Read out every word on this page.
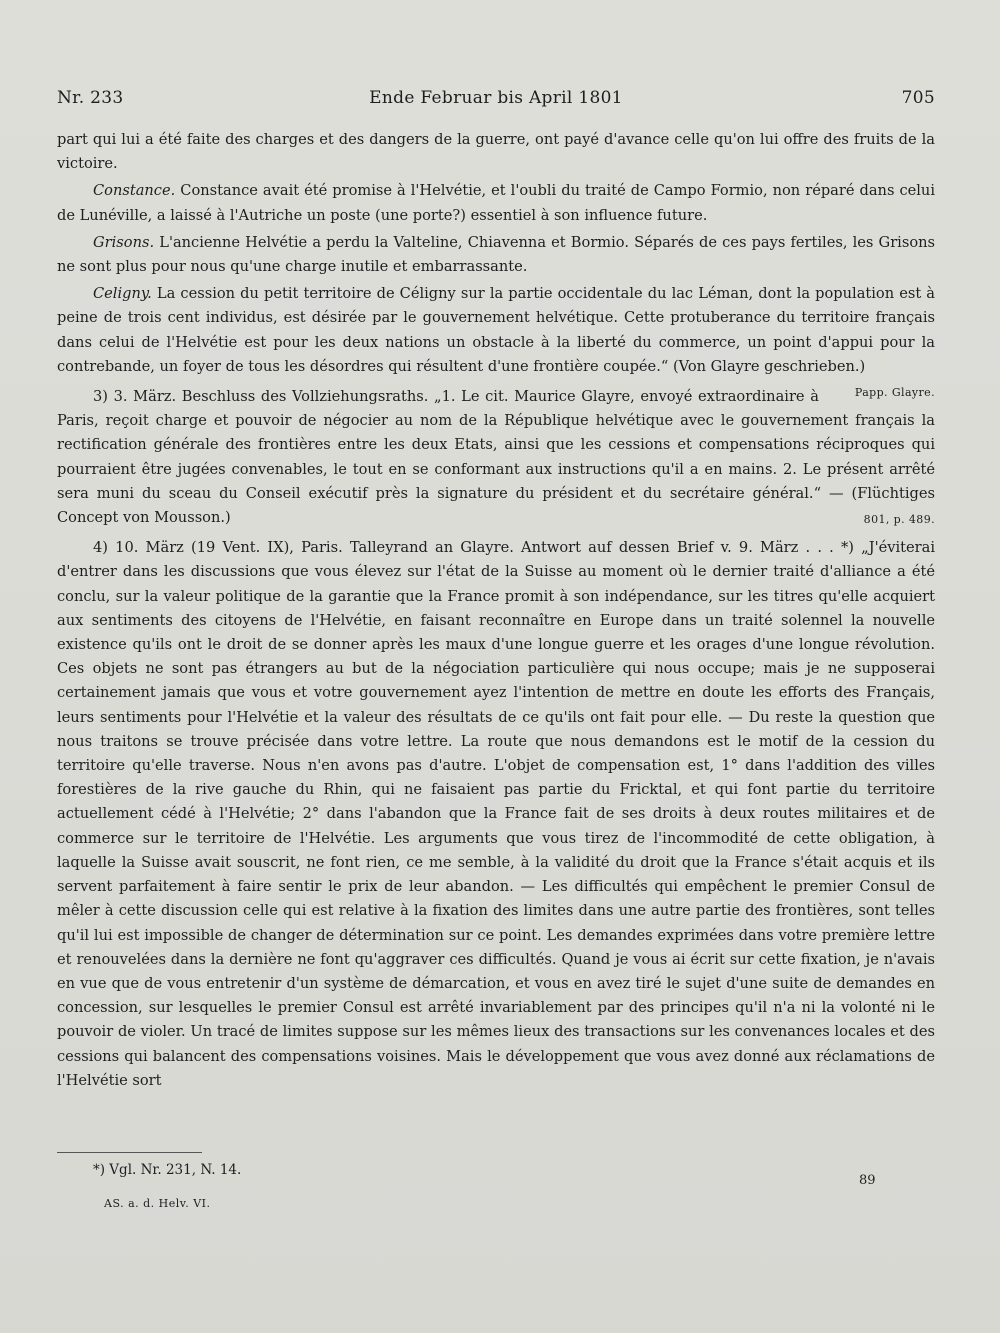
Nr. 233	Ende Februar bis April 1801	705

part qui lui a été faite des charges et des dangers de la guerre, ont payé d'avance celle qu'on lui offre des fruits de la victoire.

Constance. Constance avait été promise à l'Helvétie, et l'oubli du traité de Campo Formio, non réparé dans celui de Lunéville, a laissé à l'Autriche un poste (une porte?) essentiel à son influence future.

Grisons. L'ancienne Helvétie a perdu la Valteline, Chiavenna et Bormio. Séparés de ces pays fertiles, les Grisons ne sont plus pour nous qu'une charge inutile et embarrassante.

Celigny. La cession du petit territoire de Céligny sur la partie occidentale du lac Léman, dont la population est à peine de trois cent individus, est désirée par le gouvernement helvétique. Cette protuberance du territoire français dans celui de l'Helvétie est pour les deux nations un obstacle à la liberté du commerce, un point d'appui pour la contrebande, un foyer de tous les désordres qui résultent d'une frontière coupée.“ (Von Glayre geschrieben.)
Papp. Glayre.

3) 3. März. Beschluss des Vollziehungsraths. „1. Le cit. Maurice Glayre, envoyé extraordinaire à Paris, reçoit charge et pouvoir de négocier au nom de la République helvétique avec le gouvernement français la rectification générale des frontières entre les deux Etats, ainsi que les cessions et compensations réciproques qui pourraient être jugées convenables, le tout en se conformant aux instructions qu'il a en mains. 2. Le présent arrêté sera muni du sceau du Conseil exécutif près la signature du président et du secrétaire général.“ — (Flüchtiges Concept von Mousson.)	801, p. 489.

4) 10. März (19 Vent. IX), Paris. Talleyrand an Glayre. Antwort auf dessen Brief v. 9. März . . . *) „J'éviterai d'entrer dans les discussions que vous élevez sur l'état de la Suisse au moment où le dernier traité d'alliance a été conclu, sur la valeur politique de la garantie que la France promit à son indépendance, sur les titres qu'elle acquiert aux sentiments des citoyens de l'Helvétie, en faisant reconnaître en Europe dans un traité solennel la nouvelle existence qu'ils ont le droit de se donner après les maux d'une longue guerre et les orages d'une longue révolution. Ces objets ne sont pas étrangers au but de la négociation particulière qui nous occupe; mais je ne supposerai certainement jamais que vous et votre gouvernement ayez l'intention de mettre en doute les efforts des Français, leurs sentiments pour l'Helvétie et la valeur des résultats de ce qu'ils ont fait pour elle. — Du reste la question que nous traitons se trouve précisée dans votre lettre. La route que nous demandons est le motif de la cession du territoire qu'elle traverse. Nous n'en avons pas d'autre. L'objet de compensation est, 1° dans l'addition des villes forestières de la rive gauche du Rhin, qui ne faisaient pas partie du Fricktal, et qui font partie du territoire actuellement cédé à l'Helvétie; 2° dans l'abandon que la France fait de ses droits à deux routes militaires et de commerce sur le territoire de l'Helvétie. Les arguments que vous tirez de l'incommodité de cette obligation, à laquelle la Suisse avait souscrit, ne font rien, ce me semble, à la validité du droit que la France s'était acquis et ils servent parfaitement à faire sentir le prix de leur abandon. — Les difficultés qui empêchent le premier Consul de mêler à cette discussion celle qui est relative à la fixation des limites dans une autre partie des frontières, sont telles qu'il lui est impossible de changer de détermination sur ce point. Les demandes exprimées dans votre première lettre et renouvelées dans la dernière ne font qu'aggraver ces difficultés. Quand je vous ai écrit sur cette fixation, je n'avais en vue que de vous entretenir d'un système de démarcation, et vous en avez tiré le sujet d'une suite de demandes en concession, sur lesquelles le premier Consul est arrêté invariablement par des principes qu'il n'a ni la volonté ni le pouvoir de violer. Un tracé de limites suppose sur les mêmes lieux des transactions sur les convenances locales et des cessions qui balancent des compensations voisines. Mais le développement que vous avez donné aux réclamations de l'Helvétie sort

*) Vgl. Nr. 231, N. 14.
89
AS. a. d. Helv. VI.
